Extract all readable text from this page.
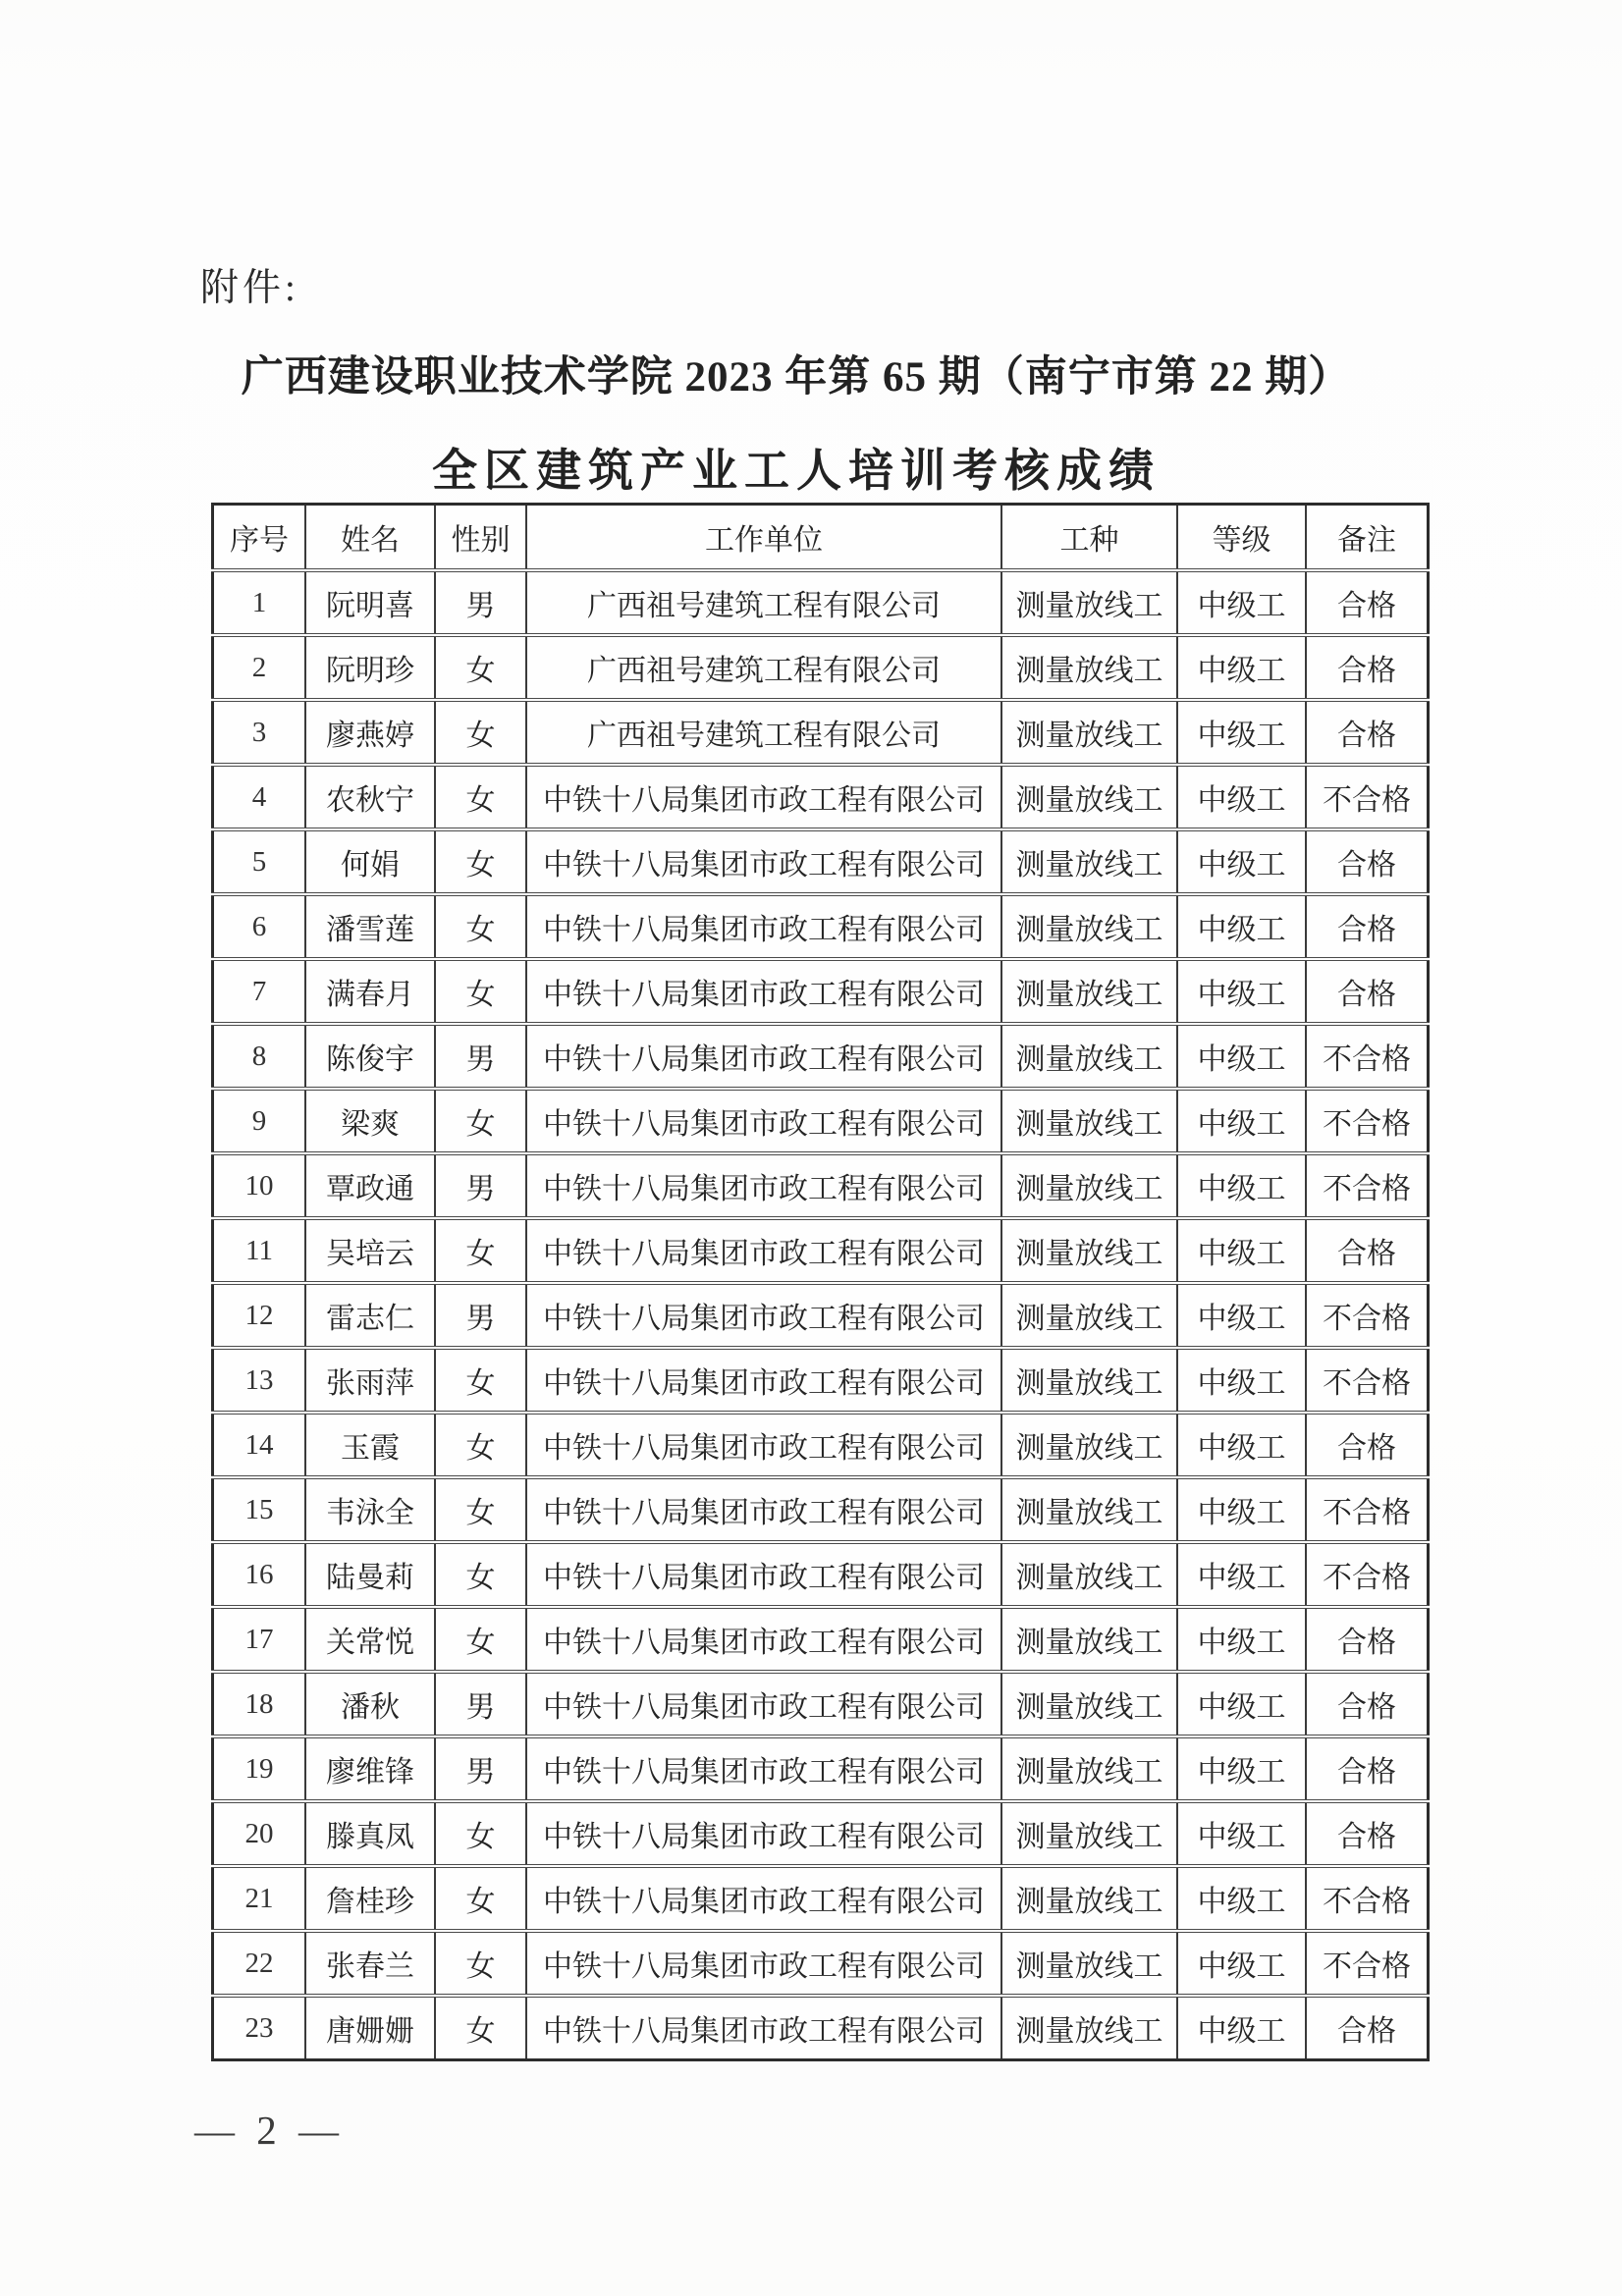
附件:
广西建设职业技术学院 2023 年第 65 期（南宁市第 22 期）
全区建筑产业工人培训考核成绩
序号	姓名	性别	工作单位	工种	等级	备注
1	阮明喜	男	广西祖号建筑工程有限公司	测量放线工	中级工	合格
2	阮明珍	女	广西祖号建筑工程有限公司	测量放线工	中级工	合格
3	廖燕婷	女	广西祖号建筑工程有限公司	测量放线工	中级工	合格
4	农秋宁	女	中铁十八局集团市政工程有限公司	测量放线工	中级工	不合格
5	何娟	女	中铁十八局集团市政工程有限公司	测量放线工	中级工	合格
6	潘雪莲	女	中铁十八局集团市政工程有限公司	测量放线工	中级工	合格
7	满春月	女	中铁十八局集团市政工程有限公司	测量放线工	中级工	合格
8	陈俊宇	男	中铁十八局集团市政工程有限公司	测量放线工	中级工	不合格
9	梁爽	女	中铁十八局集团市政工程有限公司	测量放线工	中级工	不合格
10	覃政通	男	中铁十八局集团市政工程有限公司	测量放线工	中级工	不合格
11	吴培云	女	中铁十八局集团市政工程有限公司	测量放线工	中级工	合格
12	雷志仁	男	中铁十八局集团市政工程有限公司	测量放线工	中级工	不合格
13	张雨萍	女	中铁十八局集团市政工程有限公司	测量放线工	中级工	不合格
14	玉霞	女	中铁十八局集团市政工程有限公司	测量放线工	中级工	合格
15	韦泳全	女	中铁十八局集团市政工程有限公司	测量放线工	中级工	不合格
16	陆曼莉	女	中铁十八局集团市政工程有限公司	测量放线工	中级工	不合格
17	关常悦	女	中铁十八局集团市政工程有限公司	测量放线工	中级工	合格
18	潘秋	男	中铁十八局集团市政工程有限公司	测量放线工	中级工	合格
19	廖维锋	男	中铁十八局集团市政工程有限公司	测量放线工	中级工	合格
20	滕真凤	女	中铁十八局集团市政工程有限公司	测量放线工	中级工	合格
21	詹桂珍	女	中铁十八局集团市政工程有限公司	测量放线工	中级工	不合格
22	张春兰	女	中铁十八局集团市政工程有限公司	测量放线工	中级工	不合格
23	唐姗姗	女	中铁十八局集团市政工程有限公司	测量放线工	中级工	合格
— 2 —
